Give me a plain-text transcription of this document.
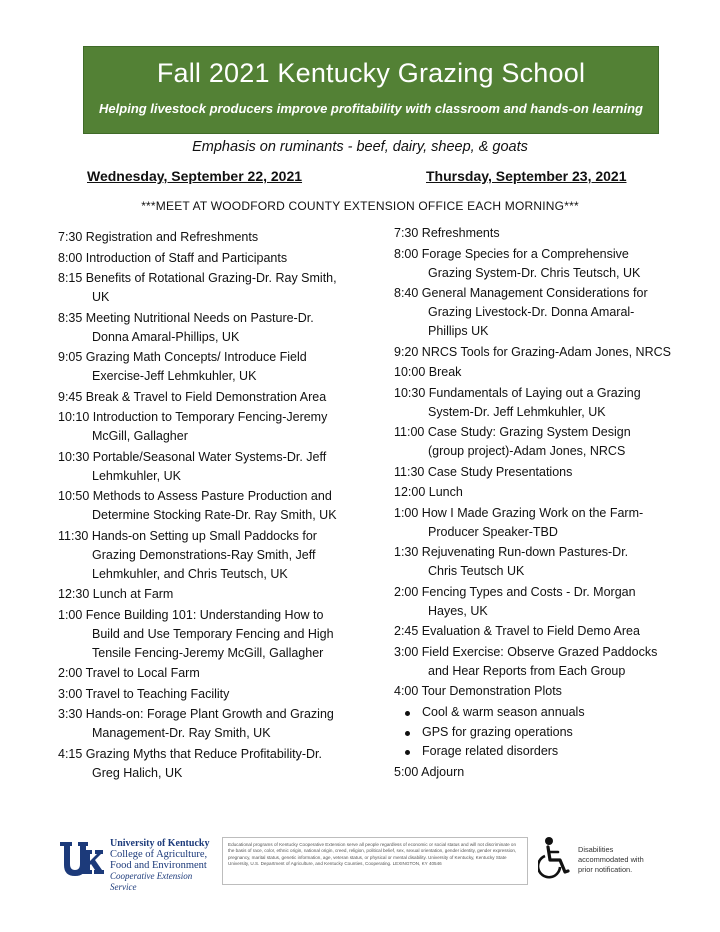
Fall 2021 Kentucky Grazing School
Helping livestock producers improve profitability with classroom and hands-on learning
Emphasis on ruminants - beef, dairy, sheep, & goats
Wednesday, September 22, 2021	Thursday, September 23, 2021
***MEET AT WOODFORD COUNTY EXTENSION OFFICE EACH MORNING***
7:30 Registration and Refreshments
8:00 Introduction of Staff and Participants
8:15 Benefits of Rotational Grazing-Dr. Ray Smith,
UK
8:35 Meeting Nutritional Needs on Pasture-Dr.
Donna Amaral-Phillips, UK
9:05 Grazing Math Concepts/ Introduce Field
Exercise-Jeff Lehmkuhler, UK
9:45 Break & Travel to Field Demonstration Area
10:10 Introduction to Temporary Fencing-Jeremy
McGill, Gallagher
10:30 Portable/Seasonal Water Systems-Dr. Jeff
Lehmkuhler, UK
10:50 Methods to Assess Pasture Production and
Determine Stocking Rate-Dr. Ray Smith, UK
11:30 Hands-on Setting up Small Paddocks for
Grazing Demonstrations-Ray Smith, Jeff
Lehmkuhler, and Chris Teutsch, UK
12:30 Lunch at Farm
1:00 Fence Building 101: Understanding How to
Build and Use Temporary Fencing and High
Tensile Fencing-Jeremy McGill, Gallagher
2:00 Travel to Local Farm
3:00 Travel to Teaching Facility
3:30 Hands-on: Forage Plant Growth and Grazing
Management-Dr. Ray Smith, UK
4:15 Grazing Myths that Reduce Profitability-Dr.
Greg Halich, UK
7:30 Refreshments
8:00 Forage Species for a Comprehensive
Grazing System-Dr. Chris Teutsch, UK
8:40 General Management Considerations for
Grazing Livestock-Dr. Donna Amaral-
Phillips UK
9:20 NRCS Tools for Grazing-Adam Jones, NRCS
10:00 Break
10:30 Fundamentals of Laying out a Grazing
System-Dr. Jeff Lehmkuhler, UK
11:00 Case Study: Grazing System Design
(group project)-Adam Jones, NRCS
11:30 Case Study Presentations
12:00 Lunch
1:00 How I Made Grazing Work on the Farm-
Producer Speaker-TBD
1:30 Rejuvenating Run-down Pastures-Dr.
Chris Teutsch UK
2:00 Fencing Types and Costs - Dr. Morgan
Hayes, UK
2:45 Evaluation & Travel to Field Demo Area
3:00 Field Exercise: Observe Grazed Paddocks
and Hear Reports from Each Group
4:00 Tour Demonstration Plots
Cool & warm season annuals
GPS for grazing operations
Forage related disorders
5:00 Adjourn
University of Kentucky
College of Agriculture,
Food and Environment
Cooperative Extension Service
Educational programs of Kentucky Cooperative Extension serve all people regardless of economic or social status and will not discriminate on the basis of race, color, ethnic origin, national origin, creed, religion, political belief, sex, sexual orientation, gender identity, gender expression, pregnancy, marital status, genetic information, age, veteran status, or physical or mental disability. University of Kentucky, Kentucky State University, U.S. Department of Agriculture, and Kentucky Counties, Cooperating. LEXINGTON, KY 40546
Disabilities
accommodated with
prior notification.
